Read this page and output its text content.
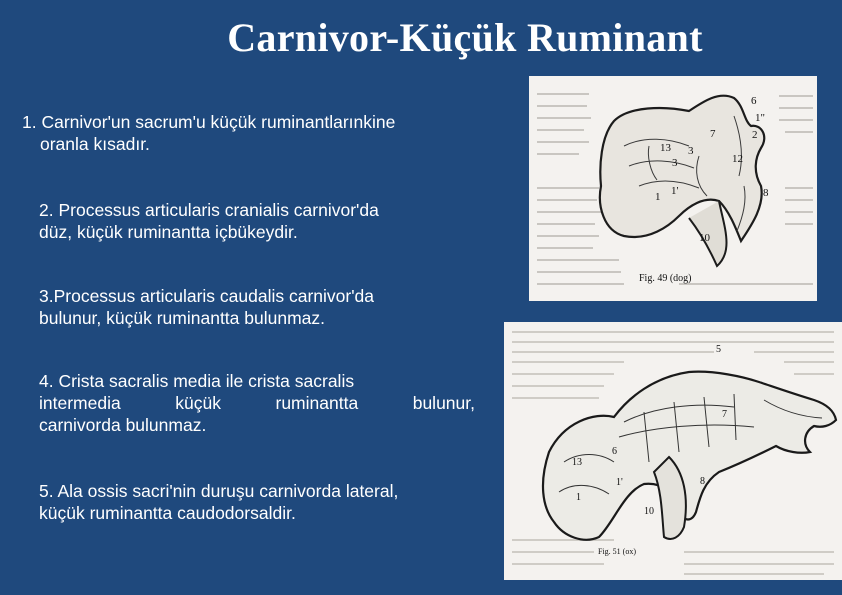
Carnivor-Küçük Ruminant
1. Carnivor'un sacrum'u küçük ruminantlarınkine
oranla kısadır.
2. Processus articularis cranialis carnivor'da
düz, küçük ruminantta içbükeydir.
3.Processus articularis caudalis carnivor'da
bulunur, küçük ruminantta bulunmaz.
4. Crista sacralis media ile crista sacralis
intermedia küçük ruminantta bulunur,
carnivorda bulunmaz.
5. Ala ossis sacri'nin duruşu carnivorda lateral,
küçük ruminantta caudodorsaldir.
6
1"
2
7
3
12
13
3
1'	8
1
10
Fig. 49 (dog)
5
7
13
6
1'	8
1
10
Fig. 51 (ox)
